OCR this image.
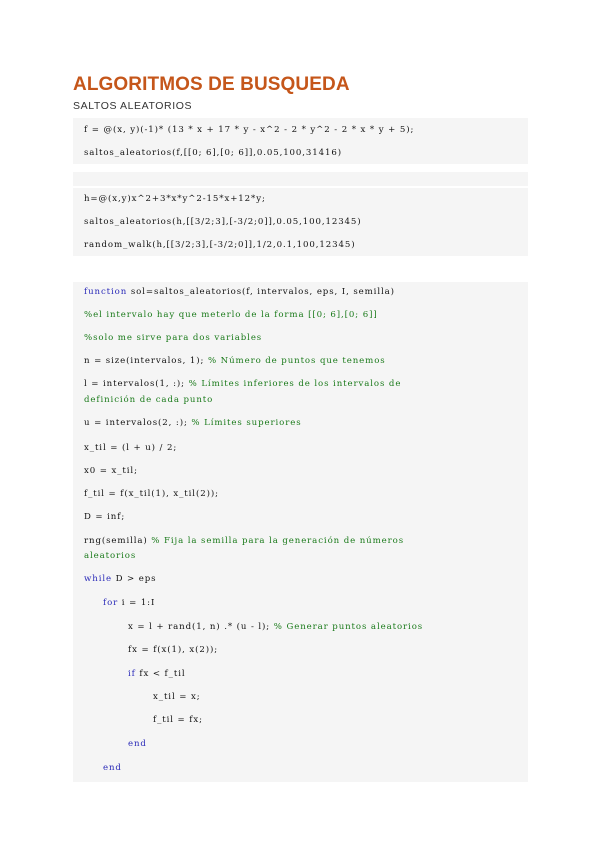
ALGORITMOS DE BUSQUEDA
SALTOS ALEATORIOS
f = @(x, y)(-1)* (13 * x + 17 * y - x^2 - 2 * y^2 - 2 * x * y + 5);
saltos_aleatorios(f,[[0; 6],[0; 6]],0.05,100,31416)
h=@(x,y)x^2+3*x*y^2-15*x+12*y;
saltos_aleatorios(h,[[3/2;3],[-3/2;0]],0.05,100,12345)
random_walk(h,[[3/2;3],[-3/2;0]],1/2,0.1,100,12345)
function sol=saltos_aleatorios(f, intervalos, eps, I, semilla)
%el intervalo hay que meterlo de la forma [[0; 6],[0; 6]]
%solo me sirve para dos variables
n = size(intervalos, 1); % Número de puntos que tenemos
l = intervalos(1, :); % Límites inferiores de los intervalos de
definición de cada punto
u = intervalos(2, :); % Límites superiores
x_til = (l + u) / 2;
x0 = x_til;
f_til = f(x_til(1), x_til(2));
D = inf;
rng(semilla) % Fija la semilla para la generación de números
aleatorios
while D > eps
for i = 1:I
x = l + rand(1, n) .* (u - l); % Generar puntos aleatorios
fx = f(x(1), x(2));
if fx < f_til
x_til = x;
f_til = fx;
end
end
